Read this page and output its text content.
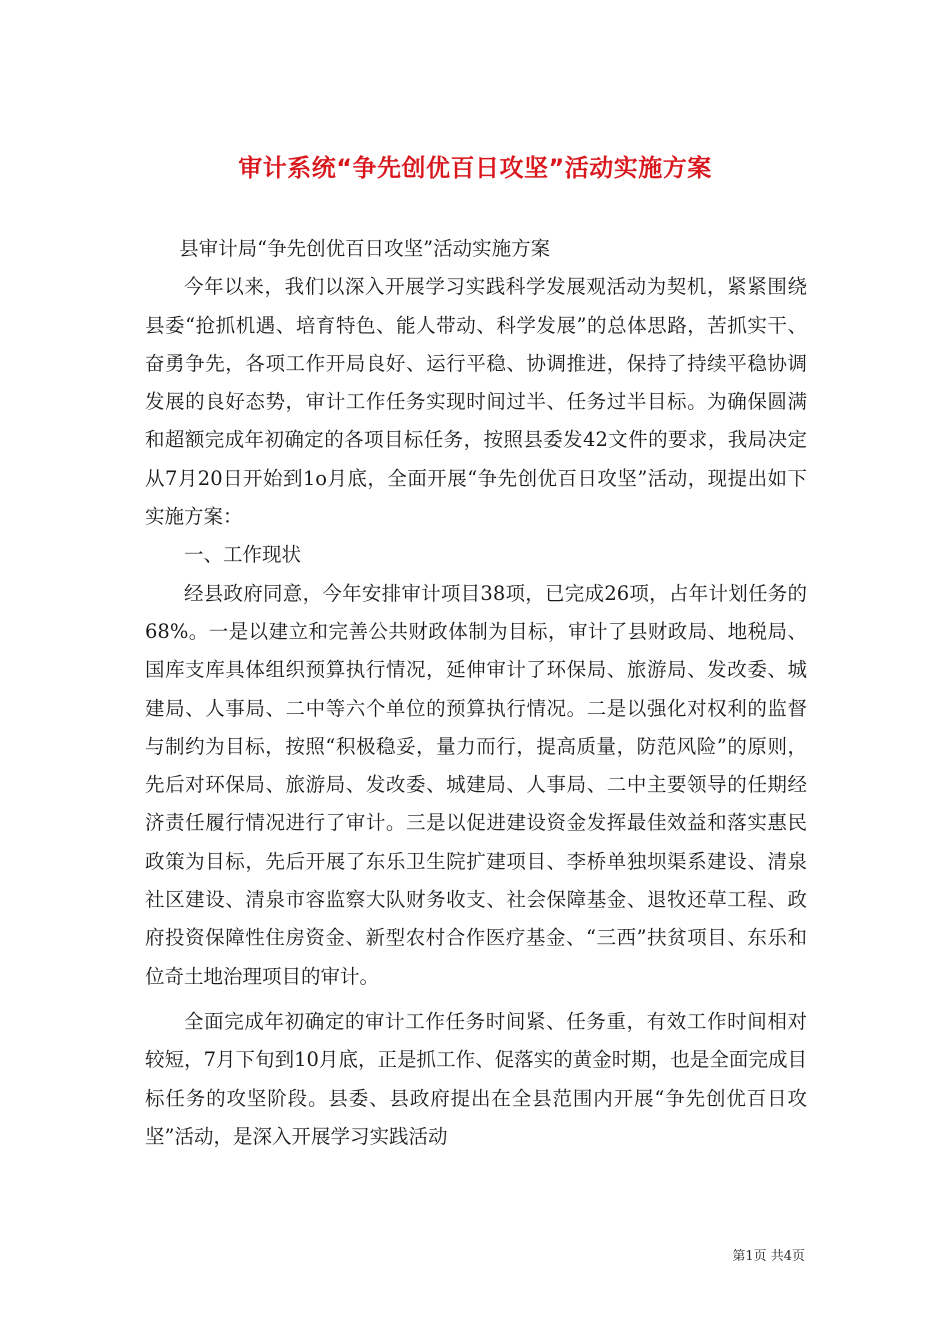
审计系统“争先创优百日攻坚”活动实施方案

县审计局“争先创优百日攻坚”活动实施方案

今年以来，我们以深入开展学习实践科学发展观活动为契机，紧紧围绕县委“抢抓机遇、培育特色、能人带动、科学发展”的总体思路，苦抓实干、奋勇争先，各项工作开局良好、运行平稳、协调推进，保持了持续平稳协调发展的良好态势，审计工作任务实现时间过半、任务过半目标。为确保圆满和超额完成年初确定的各项目标任务，按照县委发42文件的要求，我局决定从7月20日开始到1o月底，全面开展“争先创优百日攻坚”活动，现提出如下实施方案：

一、工作现状

经县政府同意，今年安排审计项目38项，已完成26项，占年计划任务的68%。一是以建立和完善公共财政体制为目标，审计了县财政局、地税局、国库支库具体组织预算执行情况，延伸审计了环保局、旅游局、发改委、城建局、人事局、二中等六个单位的预算执行情况。二是以强化对权利的监督与制约为目标，按照“积极稳妥，量力而行，提高质量，防范风险”的原则，先后对环保局、旅游局、发改委、城建局、人事局、二中主要领导的任期经济责任履行情况进行了审计。三是以促进建设资金发挥最佳效益和落实惠民政策为目标，先后开展了东乐卫生院扩建项目、李桥单独坝渠系建设、清泉社区建设、清泉市容监察大队财务收支、社会保障基金、退牧还草工程、政府投资保障性住房资金、新型农村合作医疗基金、“三西”扶贫项目、东乐和位奇土地治理项目的审计。

全面完成年初确定的审计工作任务时间紧、任务重，有效工作时间相对较短，7月下旬到10月底，正是抓工作、促落实的黄金时期，也是全面完成目标任务的攻坚阶段。县委、县政府提出在全县范围内开展“争先创优百日攻坚”活动，是深入开展学习实践活动

第1页 共4页
